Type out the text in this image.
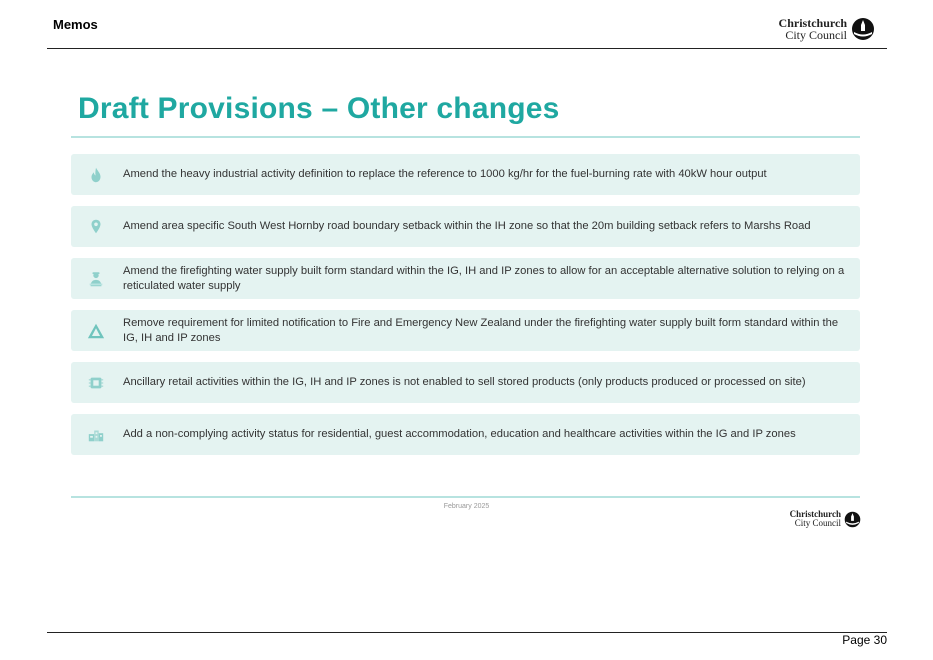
Memos	Christchurch
City Council
Draft Provisions – Other changes
Amend the heavy industrial activity definition to replace the reference to 1000 kg/hr for the fuel-burning rate with 40kW hour output
Amend area specific South West Hornby road boundary setback within the IH zone so that the 20m building setback refers to Marshs Road
Amend the firefighting water supply built form standard within the IG, IH and IP zones to allow for an acceptable alternative solution to relying on a reticulated water supply
Remove requirement for limited notification to Fire and Emergency New Zealand under the firefighting water supply built form standard within the IG, IH and IP zones
Ancillary retail activities within the IG, IH and IP zones is not enabled to sell stored products (only products produced or processed on site)
Add a non-complying activity status for residential, guest accommodation, education and healthcare activities within the IG and IP zones
February 2025
Christchurch
City Council
Page 30
